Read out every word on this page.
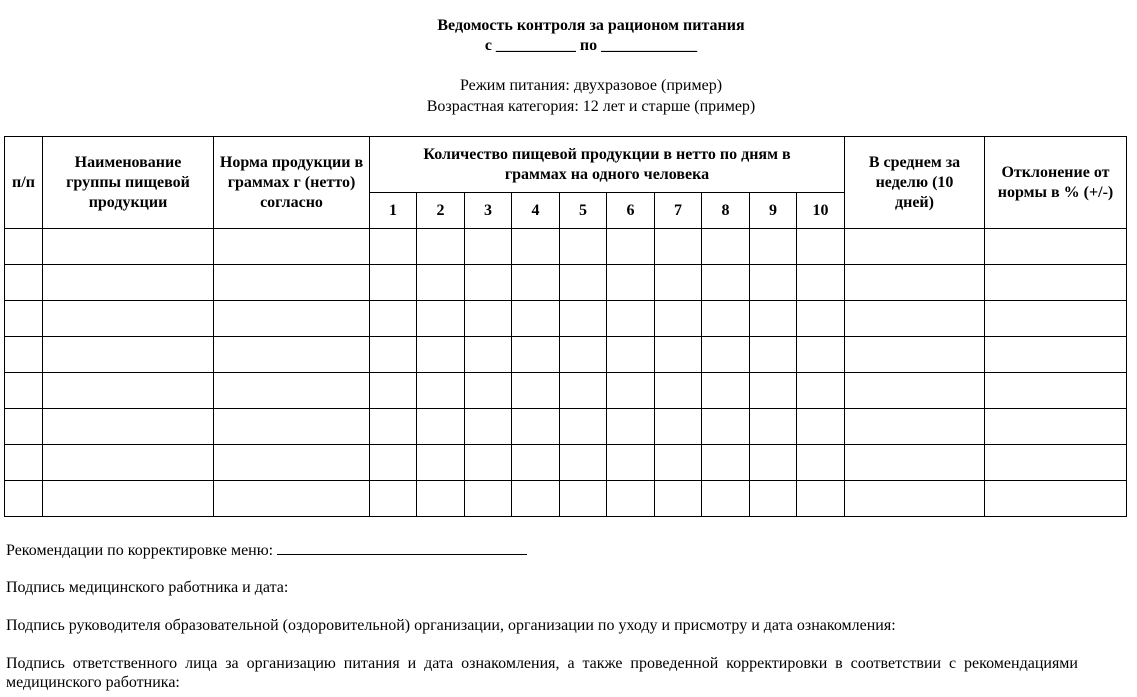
Ведомость контроля за рационом питания
с __________ по ____________
Режим питания: двухразовое (пример)
Возрастная категория: 12 лет и старше (пример)
п/п	Наименование группы пищевой продукции	Норма продукции в граммах г (нетто) согласно	Количество пищевой продукции в нетто по дням в граммах на одного человека										В среднем за неделю (10 дней)	Отклонение от нормы в % (+/-)
			1	2	3	4	5	6	7	8	9	10		

Рекомендации по корректировке меню:
Подпись медицинского работника и дата:
Подпись руководителя образовательной (оздоровительной) организации, организации по уходу и присмотру и дата ознакомления:
Подпись ответственного лица за организацию питания и дата ознакомления, а также проведенной корректировки в соответствии с рекомендациями медицинского работника:
